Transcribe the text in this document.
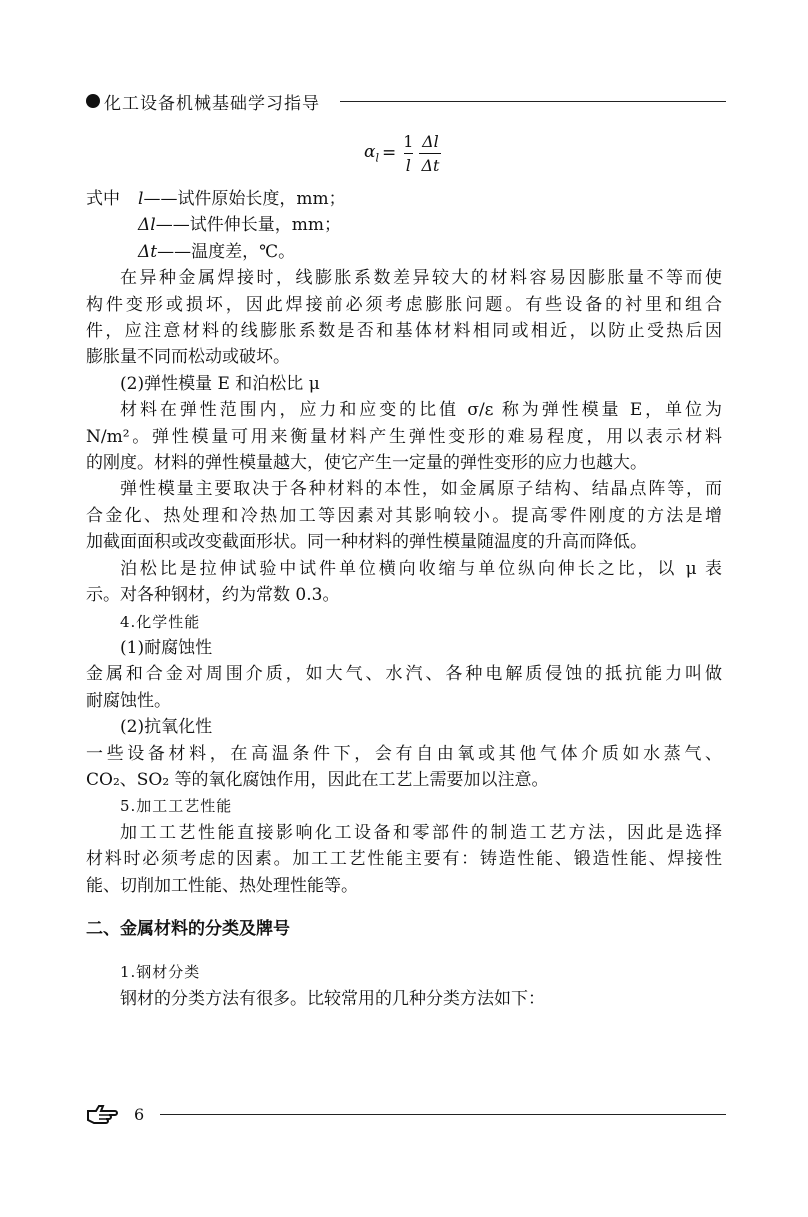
化工设备机械基础学习指导
$\alpha_l = \frac{1}{l} \frac{\Delta l}{\Delta t}$
式中 l——试件原始长度，mm；
Δl——试件伸长量，mm；
Δt——温度差，℃。
在异种金属焊接时，线膨胀系数差异较大的材料容易因膨胀量不等而使
构件变形或损坏，因此焊接前必须考虑膨胀问题。有些设备的衬里和组合
件，应注意材料的线膨胀系数是否和基体材料相同或相近，以防止受热后因
膨胀量不同而松动或破坏。
(2)弹性模量 E 和泊松比 μ
材料在弹性范围内，应力和应变的比值 σ/ε 称为弹性模量 E，单位为
N/m²。弹性模量可用来衡量材料产生弹性变形的难易程度，用以表示材料
的刚度。材料的弹性模量越大，使它产生一定量的弹性变形的应力也越大。
弹性模量主要取决于各种材料的本性，如金属原子结构、结晶点阵等，而
合金化、热处理和冷热加工等因素对其影响较小。提高零件刚度的方法是增
加截面面积或改变截面形状。同一种材料的弹性模量随温度的升高而降低。
泊松比是拉伸试验中试件单位横向收缩与单位纵向伸长之比，以 μ 表
示。对各种钢材，约为常数 0.3。
4.化学性能
(1)耐腐蚀性
金属和合金对周围介质，如大气、水汽、各种电解质侵蚀的抵抗能力叫做
耐腐蚀性。
(2)抗氧化性
一些设备材料，在高温条件下，会有自由氧或其他气体介质如水蒸气、
CO₂、SO₂ 等的氧化腐蚀作用，因此在工艺上需要加以注意。
5.加工工艺性能
加工工艺性能直接影响化工设备和零部件的制造工艺方法，因此是选择
材料时必须考虑的因素。加工工艺性能主要有：铸造性能、锻造性能、焊接性
能、切削加工性能、热处理性能等。
二、金属材料的分类及牌号
1.钢材分类
钢材的分类方法有很多。比较常用的几种分类方法如下：
6
